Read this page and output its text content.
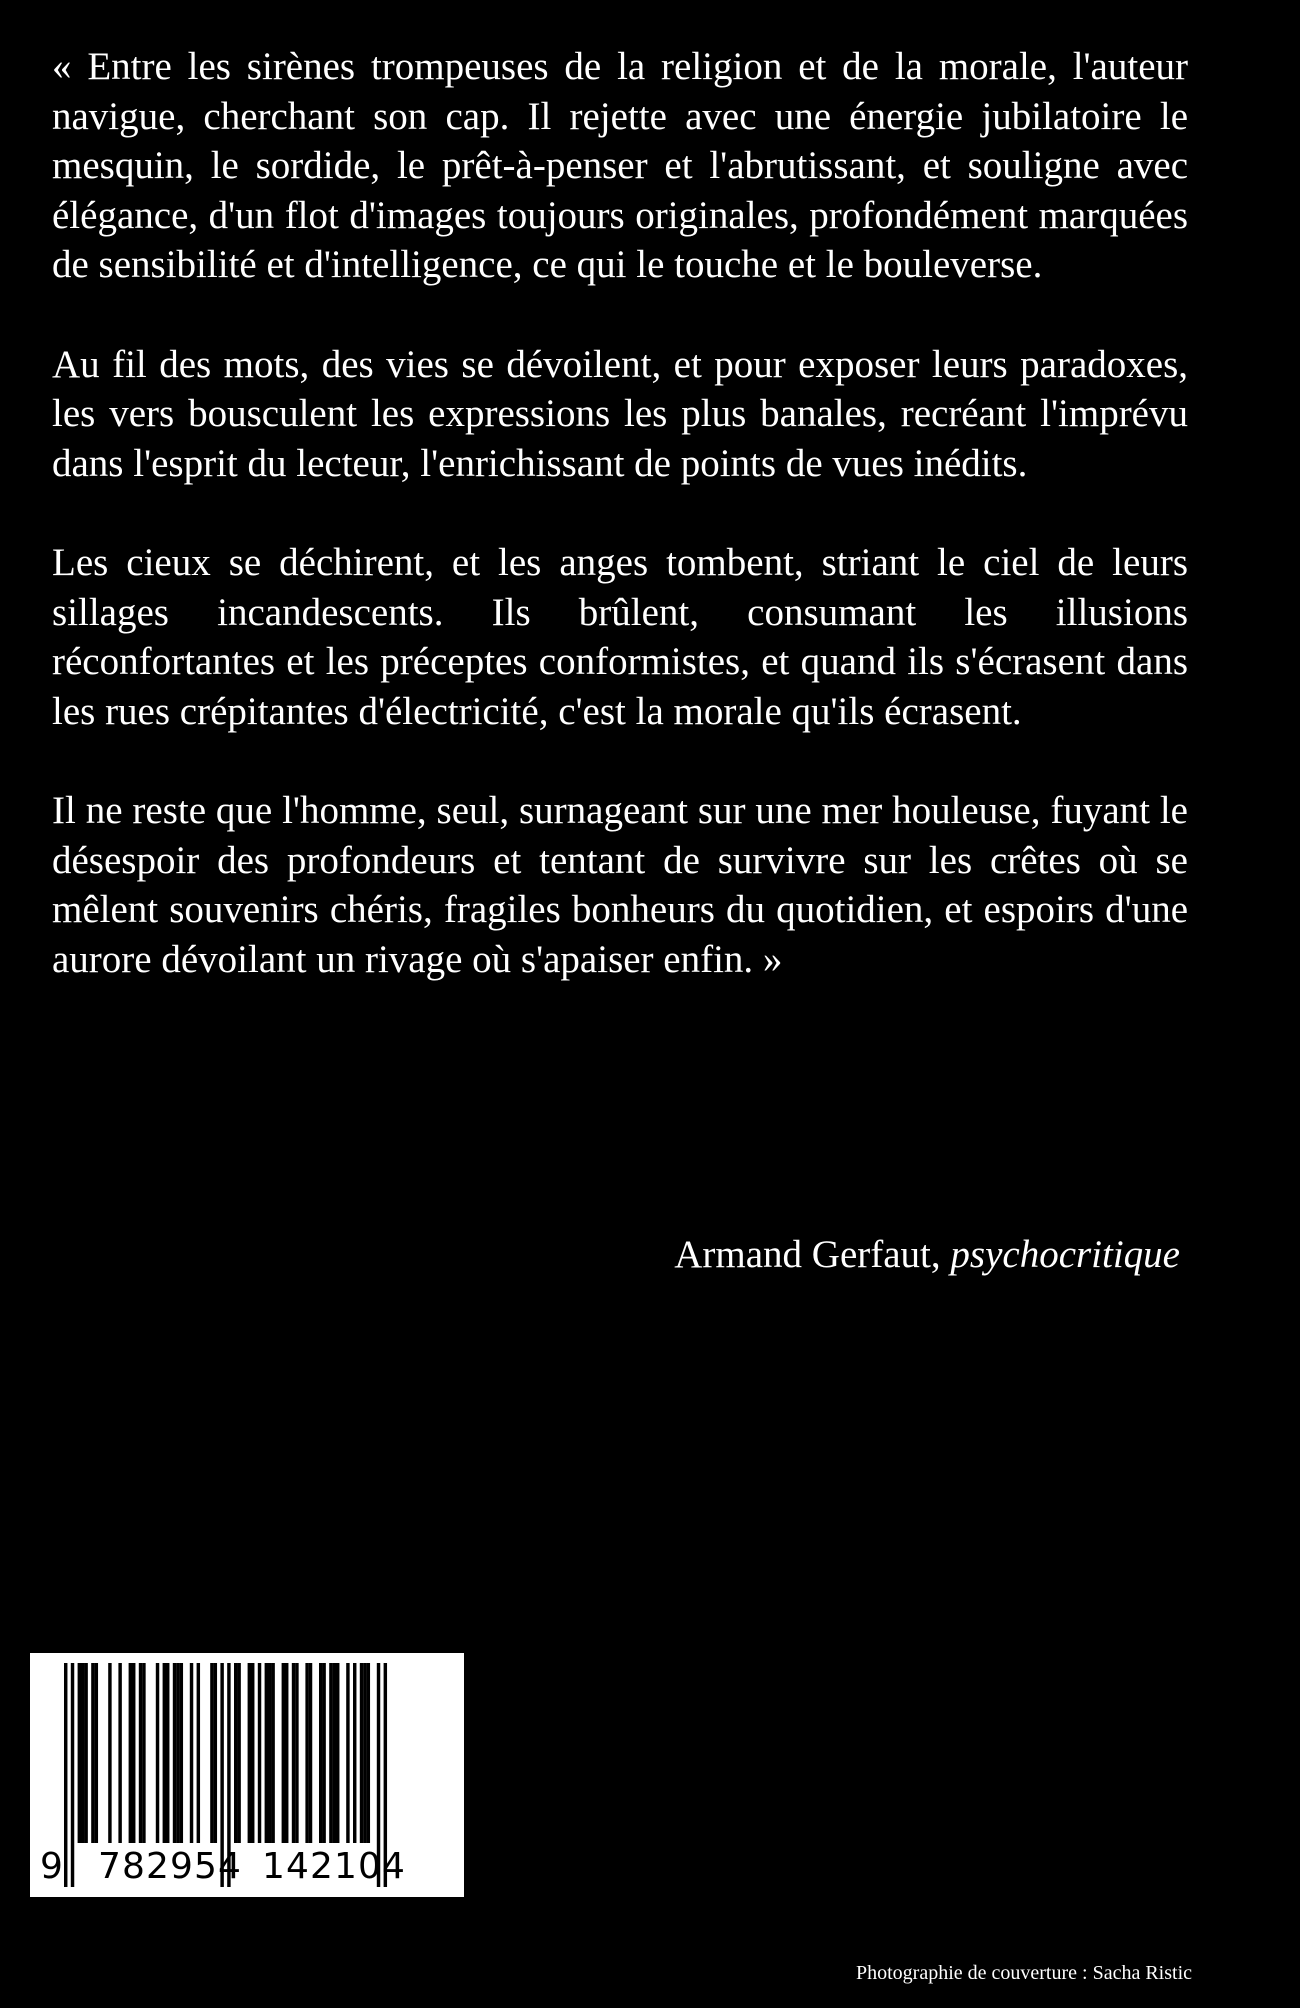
« Entre les sirènes trompeuses de la religion et de la morale, l'auteur navigue, cherchant son cap. Il rejette avec une énergie jubilatoire le mesquin, le sordide, le prêt-à-penser et l'abrutissant, et souligne avec élégance, d'un flot d'images toujours originales, profondément marquées de sensibilité et d'intelligence, ce qui le touche et le bouleverse.

Au fil des mots, des vies se dévoilent, et pour exposer leurs paradoxes, les vers bousculent les expressions les plus banales, recréant l'imprévu dans l'esprit du lecteur, l'enrichissant de points de vues inédits.

Les cieux se déchirent, et les anges tombent, striant le ciel de leurs sillages incandescents. Ils brûlent, consumant les illusions réconfortantes et les préceptes conformistes, et quand ils s'écrasent dans les rues crépitantes d'électricité, c'est la morale qu'ils écrasent.

Il ne reste que l'homme, seul, surnageant sur une mer houleuse, fuyant le désespoir des profondeurs et tentant de survivre sur les crêtes où se mêlent souvenirs chéris, fragiles bonheurs du quotidien, et espoirs d'une aurore dévoilant un rivage où s'apaiser enfin. »

Armand Gerfaut, psychocritique
9 7 8 2 9 5 4 1 4 2 1 0 4
Photographie de couverture : Sacha Ristic
